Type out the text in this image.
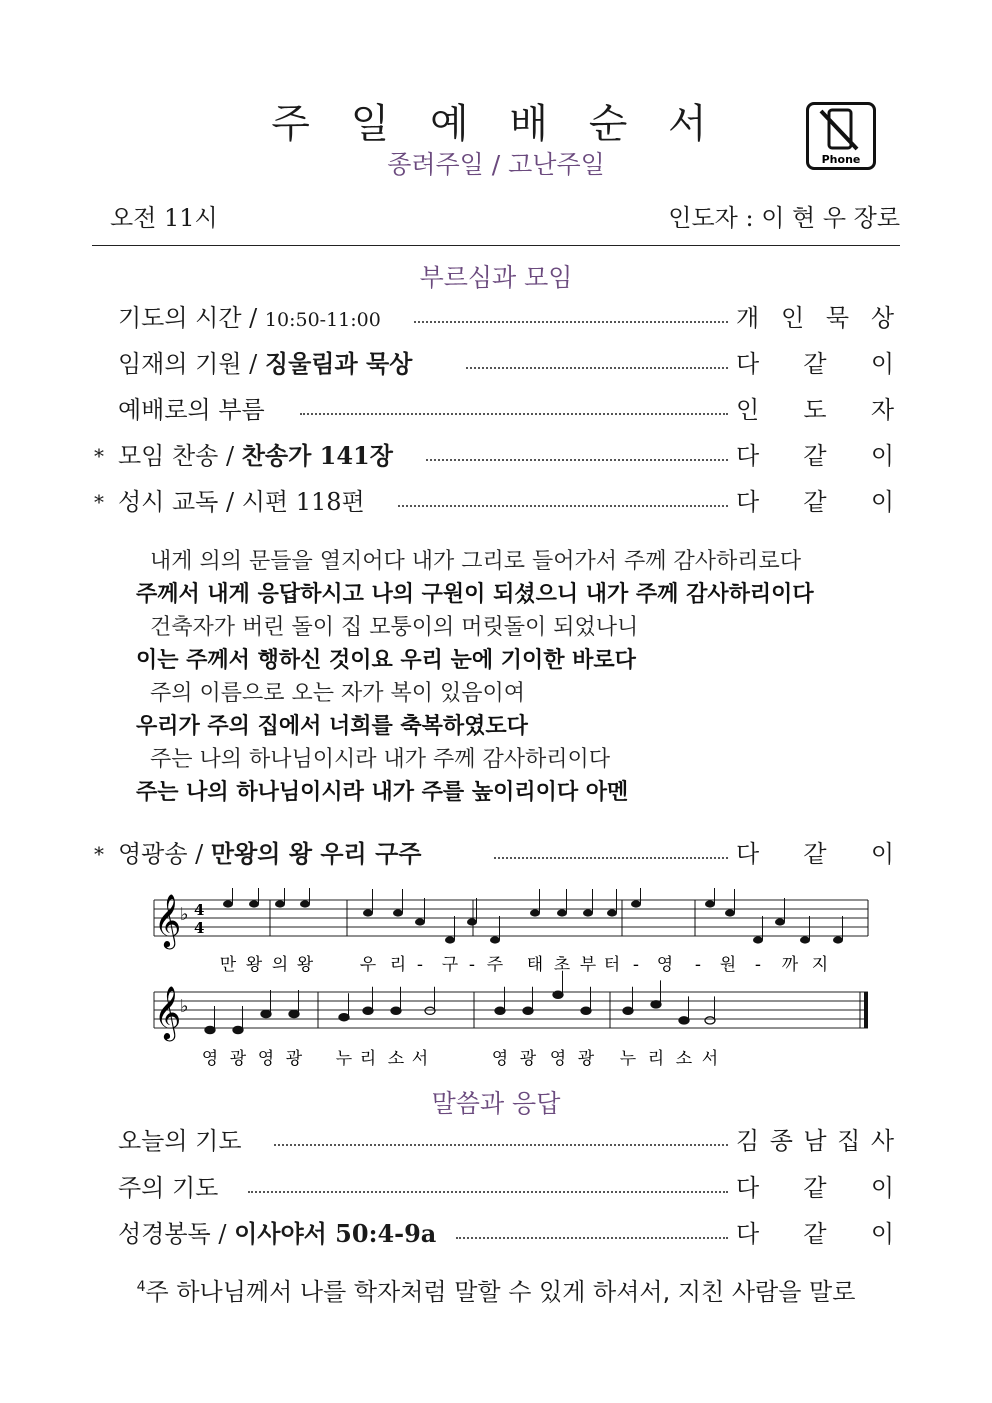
주 일 예 배 순 서
종려주일 / 고난주일	Phone
오전 11시	인도자 : 이 현 우 장로
부르심과 모임
기도의 시간 / 10:50-11:00	개 인 묵 상
임재의 기원 / 징울림과 묵상	다 같 이
예배로의 부름	인 도 자
* 모임 찬송 / 찬송가 141장	다 같 이
* 성시 교독 / 시편 118편	다 같 이
내게 의의 문들을 열지어다 내가 그리로 들어가서 주께 감사하리로다
주께서 내게 응답하시고 나의 구원이 되셨으니 내가 주께 감사하리이다
건축자가 버린 돌이 집 모퉁이의 머릿돌이 되었나니
이는 주께서 행하신 것이요 우리 눈에 기이한 바로다
주의 이름으로 오는 자가 복이 있음이여
우리가 주의 집에서 너희를 축복하였도다
주는 나의 하나님이시라 내가 주께 감사하리이다
주는 나의 하나님이시라 내가 주를 높이리이다 아멘
* 영광송 / 만왕의 왕 우리 구주	다 같 이
𝄞
♭
𝄞
♭
4
4
만 왕 의 왕	우 리 - 구 - 주 태 초 부 터 - 영 - 원 - 까 지
영 광 영 광 누 리 소 서	영 광 영 광 누 리 소 서
말씀과 응답
오늘의 기도	김 종 남 집 사
주의 기도	다 같 이
성경봉독 / 이사야서 50:4-9a	다 같 이
$^4$주 하나님께서 나를 학자처럼 말할 수 있게 하셔서, 지친 사람을 말로
